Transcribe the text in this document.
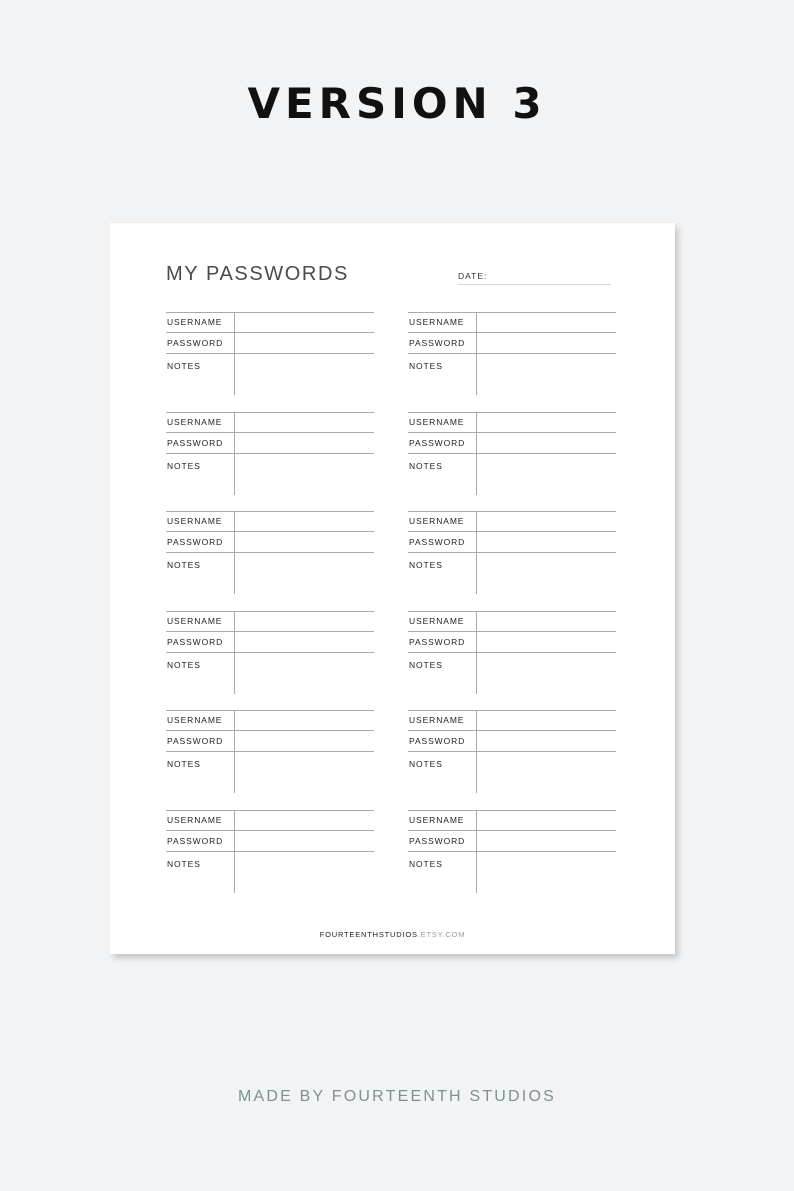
VERSION 3
MY PASSWORDS	DATE:
USERNAME
PASSWORD
NOTES
USERNAME
PASSWORD
NOTES
USERNAME
PASSWORD
NOTES
USERNAME
PASSWORD
NOTES
USERNAME
PASSWORD
NOTES
USERNAME
PASSWORD
NOTES
USERNAME
PASSWORD
NOTES
USERNAME
PASSWORD
NOTES
USERNAME
PASSWORD
NOTES
USERNAME
PASSWORD
NOTES
USERNAME
PASSWORD
NOTES
USERNAME
PASSWORD
NOTES
FOURTEENTHSTUDIOS.ETSY.COM
MADE BY FOURTEENTH STUDIOS
